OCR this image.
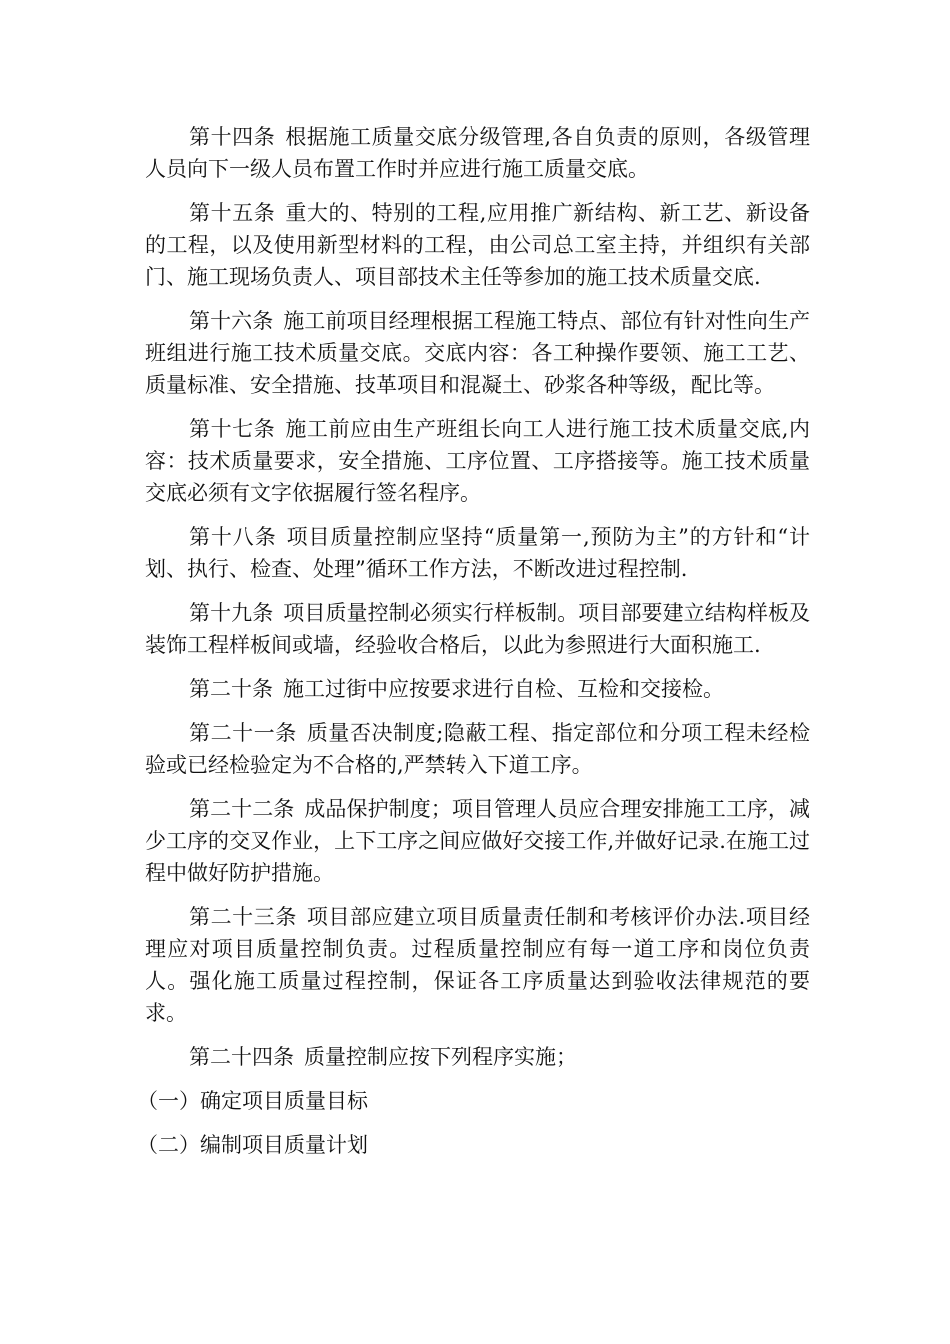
第十四条 根据施工质量交底分级管理,各自负责的原则，各级管理人员向下一级人员布置工作时并应进行施工质量交底。

第十五条 重大的、特别的工程,应用推广新结构、新工艺、新设备的工程，以及使用新型材料的工程，由公司总工室主持，并组织有关部门、施工现场负责人、项目部技术主任等参加的施工技术质量交底.

第十六条 施工前项目经理根据工程施工特点、部位有针对性向生产班组进行施工技术质量交底。交底内容：各工种操作要领、施工工艺、质量标准、安全措施、技革项目和混凝土、砂浆各种等级，配比等。

第十七条 施工前应由生产班组长向工人进行施工技术质量交底,内容：技术质量要求，安全措施、工序位置、工序搭接等。施工技术质量交底必须有文字依据履行签名程序。

第十八条 项目质量控制应坚持“质量第一,预防为主”的方针和“计划、执行、检查、处理”循环工作方法，不断改进过程控制.

第十九条 项目质量控制必须实行样板制。项目部要建立结构样板及装饰工程样板间或墙，经验收合格后，以此为参照进行大面积施工.

第二十条 施工过街中应按要求进行自检、互检和交接检。

第二十一条 质量否决制度;隐蔽工程、指定部位和分项工程未经检验或已经检验定为不合格的,严禁转入下道工序。

第二十二条 成品保护制度；项目管理人员应合理安排施工工序，减少工序的交叉作业，上下工序之间应做好交接工作,并做好记录.在施工过程中做好防护措施。

第二十三条 项目部应建立项目质量责任制和考核评价办法.项目经理应对项目质量控制负责。过程质量控制应有每一道工序和岗位负责人。强化施工质量过程控制，保证各工序质量达到验收法律规范的要求。

第二十四条 质量控制应按下列程序实施；

（一）确定项目质量目标

（二）编制项目质量计划
